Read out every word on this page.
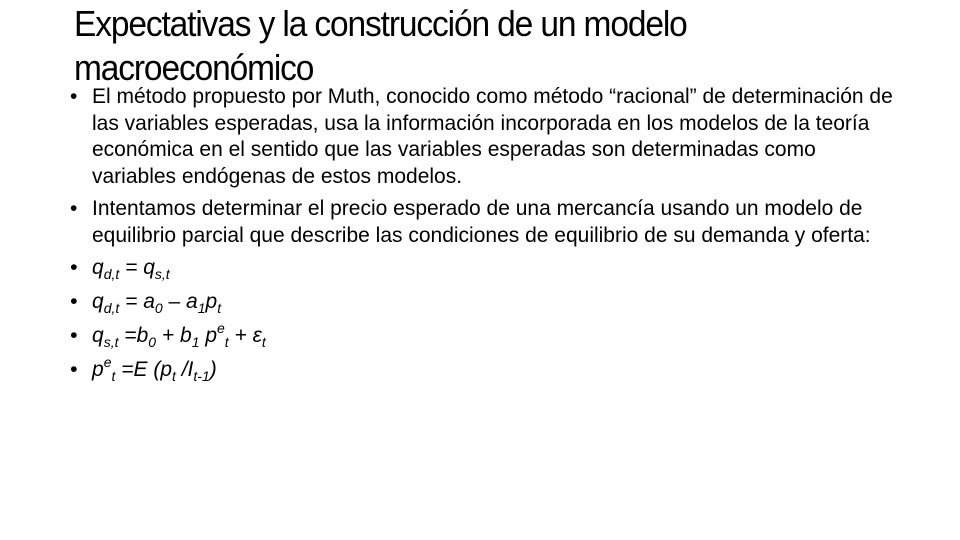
Expectativas y la construcción de un modelo
macroeconómico
• El método propuesto por Muth, conocido como método “racional” de determinación de las variables esperadas, usa la información incorporada en los modelos de la teoría económica en el sentido que las variables esperadas son determinadas como variables endógenas de estos modelos.
• Intentamos determinar el precio esperado de una mercancía usando un modelo de equilibrio parcial que describe las condiciones de equilibrio de su demanda y oferta:
• $q_{d,t} = q_{s,t}$
• $q_{d,t} = a_0 - a_1p_t$
• $q_{s,t} =b_0 + b_1$ $p^e_t + \varepsilon_t$
• $p^e_t =E$ ($p_t$ $/I_{t-1}$)
